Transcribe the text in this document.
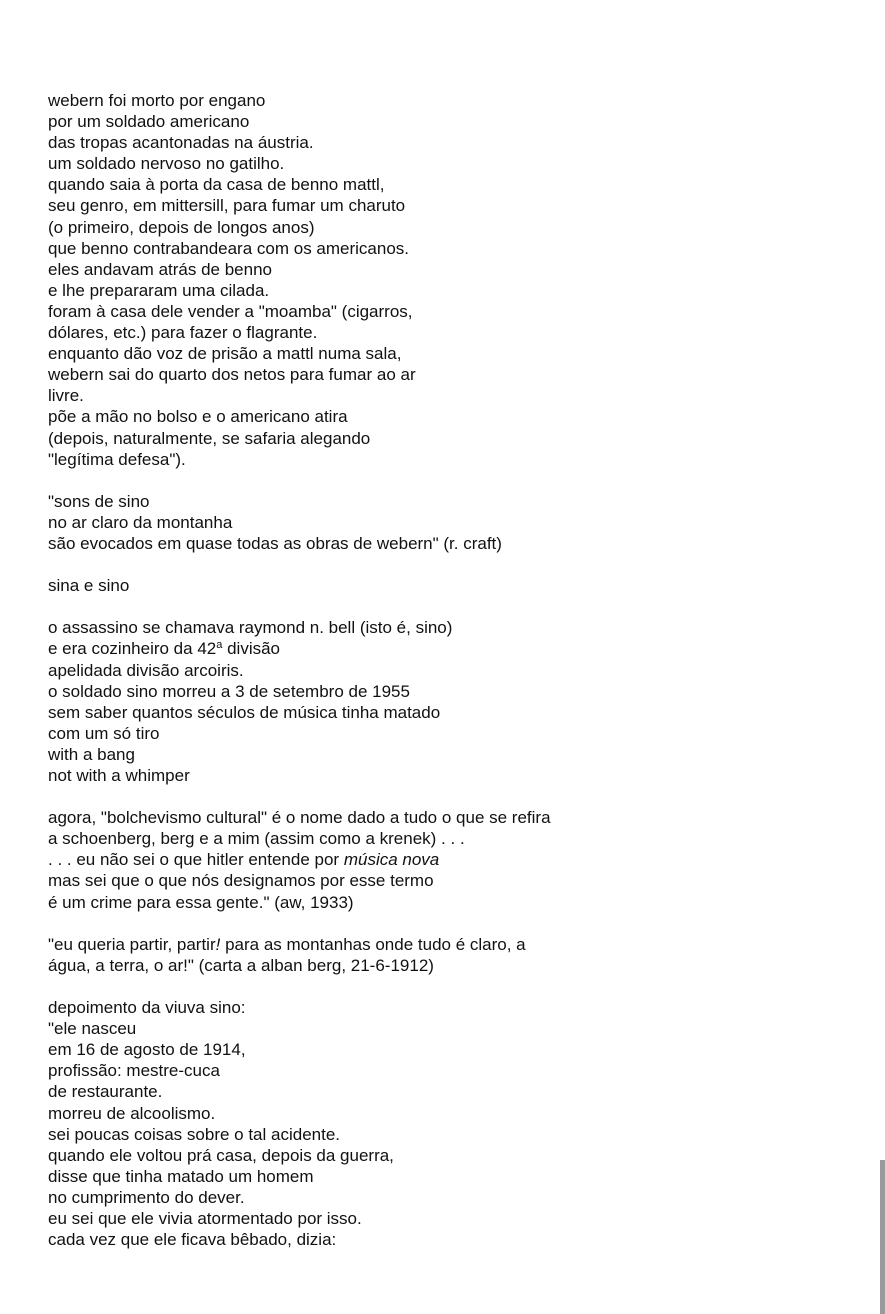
webern foi morto por engano
por um soldado americano
das tropas acantonadas na áustria.
um soldado nervoso no gatilho.
quando saia à porta da casa de benno mattl,
seu genro, em mittersill, para fumar um charuto
(o primeiro, depois de longos anos)
que benno contrabandeara com os americanos.
eles andavam atrás de benno
e lhe prepararam uma cilada.
foram à casa dele vender a "moamba" (cigarros,
dólares, etc.) para fazer o flagrante.
enquanto dão voz de prisão a mattl numa sala,
webern sai do quarto dos netos para fumar ao ar
livre.
põe a mão no bolso e o americano atira
(depois, naturalmente, se safaria alegando
"legítima defesa").
"sons de sino
no ar claro da montanha
são evocados em quase todas as obras de webern" (r. craft)
sina e sino
o assassino se chamava raymond n. bell (isto é, sino)
e era cozinheiro da 42$^a$ divisão
apelidada divisão arcoiris.
o soldado sino morreu a 3 de setembro de 1955
sem saber quantos séculos de música tinha matado
com um só tiro
with a bang
not with a whimper
agora, "bolchevismo cultural" é o nome dado a tudo o que se refira
a schoenberg, berg e a mim (assim como a krenek) . . .
. . . eu não sei o que hitler entende por música nova
mas sei que o que nós designamos por esse termo
é um crime para essa gente." (aw, 1933)
"eu queria partir, partir! para as montanhas onde tudo é claro, a
água, a terra, o ar!" (carta a alban berg, 21-6-1912)
depoimento da viuva sino:
"ele nasceu
em 16 de agosto de 1914,
profissão: mestre-cuca
de restaurante.
morreu de alcoolismo.
sei poucas coisas sobre o tal acidente.
quando ele voltou prá casa, depois da guerra,
disse que tinha matado um homem
no cumprimento do dever.
eu sei que ele vivia atormentado por isso.
cada vez que ele ficava bêbado, dizia:
